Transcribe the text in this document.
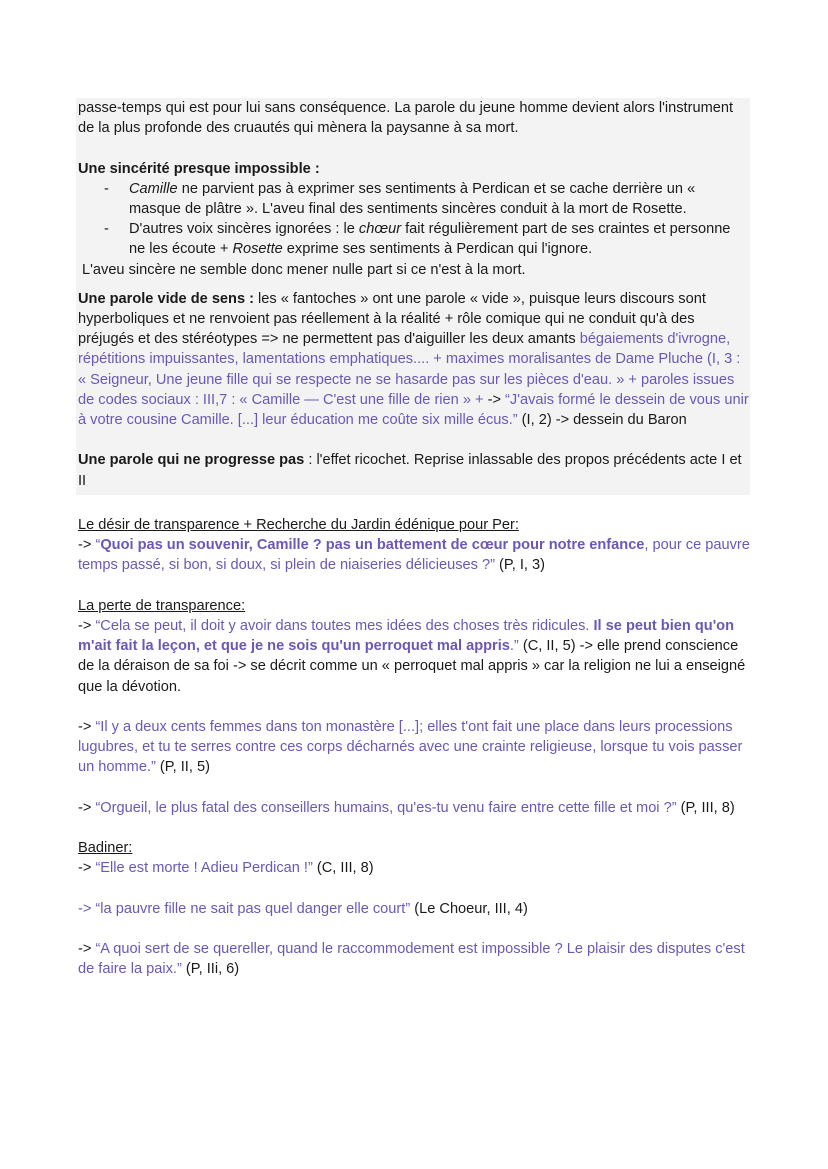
passe-temps qui est pour lui sans conséquence. La parole du jeune homme devient alors l'instrument de la plus profonde des cruautés qui mènera la paysanne à sa mort.
Une sincérité presque impossible :
- Camille ne parvient pas à exprimer ses sentiments à Perdican et se cache derrière un « masque de plâtre ». L'aveu final des sentiments sincères conduit à la mort de Rosette.
- D'autres voix sincères ignorées : le chœur fait régulièrement part de ses craintes et personne ne les écoute + Rosette exprime ses sentiments à Perdican qui l'ignore.
L'aveu sincère ne semble donc mener nulle part si ce n'est à la mort.
Une parole vide de sens : les « fantoches » ont une parole « vide », puisque leurs discours sont hyperboliques et ne renvoient pas réellement à la réalité + rôle comique qui ne conduit qu'à des préjugés et des stéréotypes => ne permettent pas d'aiguiller les deux amants bégaiements d'ivrogne, répétitions impuissantes, lamentations emphatiques.... + maximes moralisantes de Dame Pluche (I, 3 : « Seigneur, Une jeune fille qui se respecte ne se hasarde pas sur les pièces d'eau. » + paroles issues de codes sociaux : III,7 : « Camille — C'est une fille de rien » + -> “J'avais formé le dessein de vous unir à votre cousine Camille. [...] leur éducation me coûte six mille écus.” (I, 2) -> dessein du Baron
Une parole qui ne progresse pas : l'effet ricochet. Reprise inlassable des propos précédents acte I et II
Le désir de transparence + Recherche du Jardin édénique pour Per:
-> “Quoi pas un souvenir, Camille ? pas un battement de cœur pour notre enfance, pour ce pauvre temps passé, si bon, si doux, si plein de niaiseries délicieuses ?” (P, I, 3)
La perte de transparence:
-> “Cela se peut, il doit y avoir dans toutes mes idées des choses très ridicules. Il se peut bien qu'on m'ait fait la leçon, et que je ne sois qu'un perroquet mal appris.” (C, II, 5) -> elle prend conscience de la déraison de sa foi -> se décrit comme un « perroquet mal appris » car la religion ne lui a enseigné que la dévotion.
-> “Il y a deux cents femmes dans ton monastère [...]; elles t'ont fait une place dans leurs processions lugubres, et tu te serres contre ces corps décharnés avec une crainte religieuse, lorsque tu vois passer un homme.” (P, II, 5)
-> “Orgueil, le plus fatal des conseillers humains, qu'es-tu venu faire entre cette fille et moi ?” (P, III, 8)
Badiner:
-> “Elle est morte ! Adieu Perdican !” (C, III, 8)
-> “la pauvre fille ne sait pas quel danger elle court” (Le Choeur, III, 4)
-> “A quoi sert de se quereller, quand le raccommodement est impossible ? Le plaisir des disputes c'est de faire la paix.” (P, IIi, 6)
